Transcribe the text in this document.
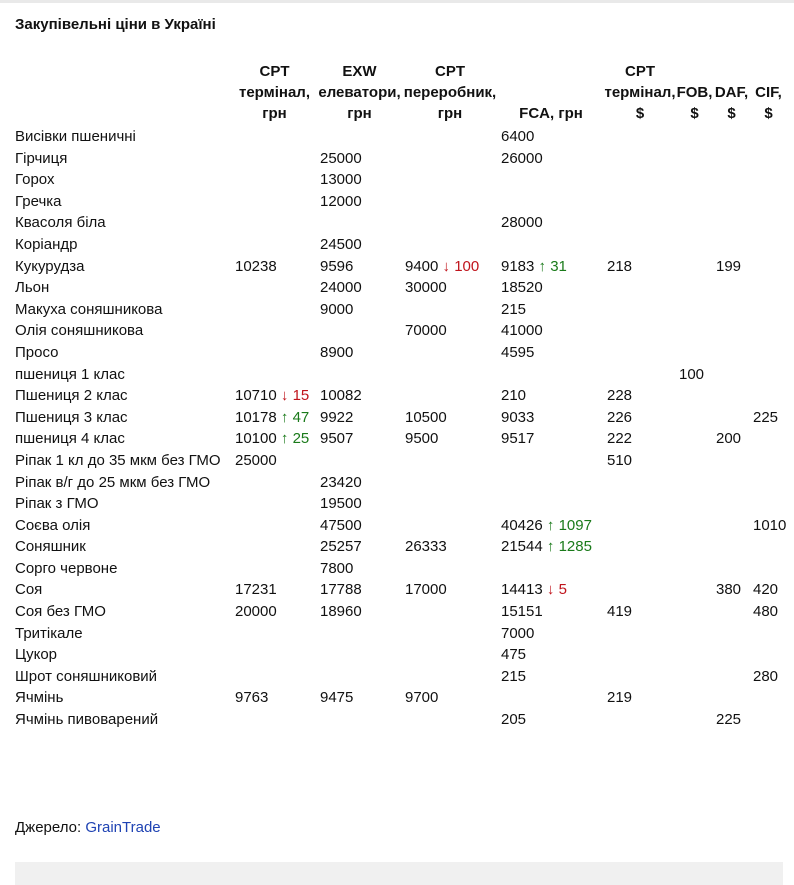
Закупівельні ціни в Україні
	CPT термінал, грн	EXW елеватори, грн	CPT переробник, грн	FCA, грн	CPT термінал, $	FOB, $	DAF, $	CIF, $
Висівки пшеничні				6400				
Гірчиця		25000		26000				
Горох		13000						
Гречка		12000						
Квасоля біла				28000				
Коріандр		24500						
Кукурудза	10238	9596	9400 ↓ 100	9183 ↑ 31	218		199	
Льон		24000	30000	18520				
Макуха соняшникова		9000		215				
Олія соняшникова			70000	41000				
Просо		8900		4595				
пшениця 1 клас						100		
Пшениця 2 клас	10710 ↓ 15	10082		210	228			
Пшениця 3 клас	10178 ↑ 47	9922	10500	9033	226			225
пшениця 4 клас	10100 ↑ 25	9507	9500	9517	222		200	
Ріпак 1 кл до 35 мкм без ГМО	25000				510			
Ріпак в/г до 25 мкм без ГМО		23420						
Ріпак з ГМО		19500						
Соєва олія		47500		40426 ↑ 1097				1010
Соняшник		25257	26333	21544 ↑ 1285				
Сорго червоне		7800						
Соя	17231	17788	17000	14413 ↓ 5			380	420
Соя без ГМО	20000	18960		15151	419			480
Тритікале				7000				
Цукор				475				
Шрот соняшниковий				215				280
Ячмінь	9763	9475	9700		219			
Ячмінь пивоварений				205			225	
Джерело: GrainTrade
